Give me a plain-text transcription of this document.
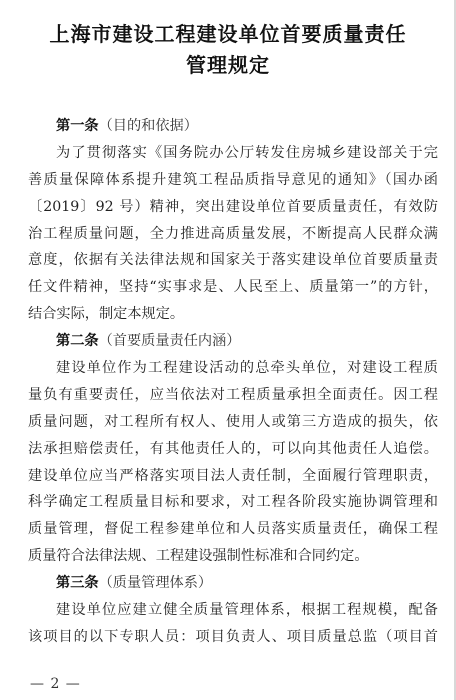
上海市建设工程建设单位首要质量责任
管理规定
第一条（目的和依据）
为了贯彻落实《国务院办公厅转发住房城乡建设部关于完
善质量保障体系提升建筑工程品质指导意见的通知》（国办函
〔2019〕92 号）精神，突出建设单位首要质量责任，有效防
治工程质量问题，全力推进高质量发展，不断提高人民群众满
意度，依据有关法律法规和国家关于落实建设单位首要质量责
任文件精神，坚持“实事求是、人民至上、质量第一”的方针，
结合实际，制定本规定。
第二条（首要质量责任内涵）
建设单位作为工程建设活动的总牵头单位，对建设工程质
量负有重要责任，应当依法对工程质量承担全面责任。因工程
质量问题，对工程所有权人、使用人或第三方造成的损失，依
法承担赔偿责任，有其他责任人的，可以向其他责任人追偿。
建设单位应当严格落实项目法人责任制，全面履行管理职责，
科学确定工程质量目标和要求，对工程各阶段实施协调管理和
质量管理，督促工程参建单位和人员落实质量责任，确保工程
质量符合法律法规、工程建设强制性标准和合同约定。
第三条（质量管理体系）
建设单位应建立健全质量管理体系，根据工程规模，配备
该项目的以下专职人员：项目负责人、项目质量总监（项目首
— 2 —
